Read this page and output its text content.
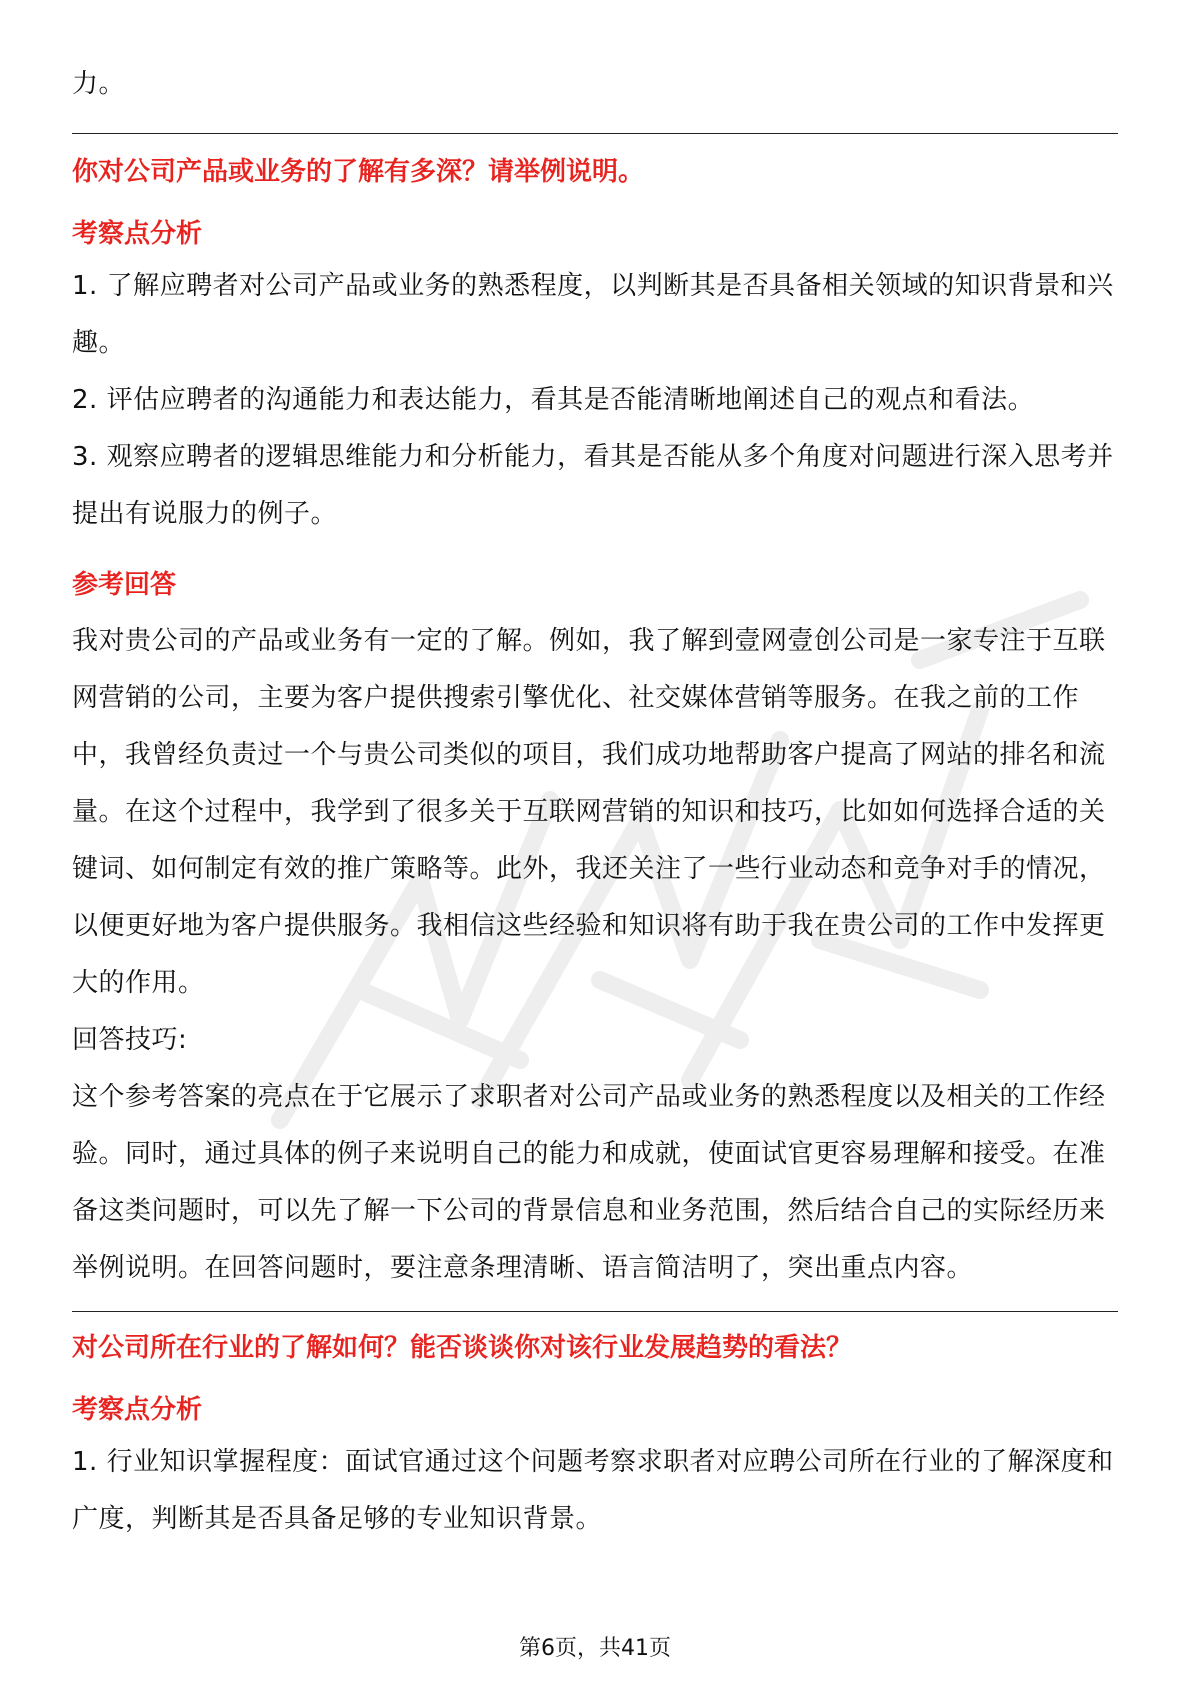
力。

你对公司产品或业务的了解有多深？请举例说明。

考察点分析

1. 了解应聘者对公司产品或业务的熟悉程度，以判断其是否具备相关领域的知识背景和兴趣。

2. 评估应聘者的沟通能力和表达能力，看其是否能清晰地阐述自己的观点和看法。

3. 观察应聘者的逻辑思维能力和分析能力，看其是否能从多个角度对问题进行深入思考并提出有说服力的例子。

参考回答

我对贵公司的产品或业务有一定的了解。例如，我了解到壹网壹创公司是一家专注于互联网营销的公司，主要为客户提供搜索引擎优化、社交媒体营销等服务。在我之前的工作中，我曾经负责过一个与贵公司类似的项目，我们成功地帮助客户提高了网站的排名和流量。在这个过程中，我学到了很多关于互联网营销的知识和技巧，比如如何选择合适的关键词、如何制定有效的推广策略等。此外，我还关注了一些行业动态和竞争对手的情况，以便更好地为客户提供服务。我相信这些经验和知识将有助于我在贵公司的工作中发挥更大的作用。

回答技巧:

这个参考答案的亮点在于它展示了求职者对公司产品或业务的熟悉程度以及相关的工作经验。同时，通过具体的例子来说明自己的能力和成就，使面试官更容易理解和接受。在准备这类问题时，可以先了解一下公司的背景信息和业务范围，然后结合自己的实际经历来举例说明。在回答问题时，要注意条理清晰、语言简洁明了，突出重点内容。

对公司所在行业的了解如何？能否谈谈你对该行业发展趋势的看法？

考察点分析

1. 行业知识掌握程度：面试官通过这个问题考察求职者对应聘公司所在行业的了解深度和广度，判断其是否具备足够的专业知识背景。

第6页，共41页
